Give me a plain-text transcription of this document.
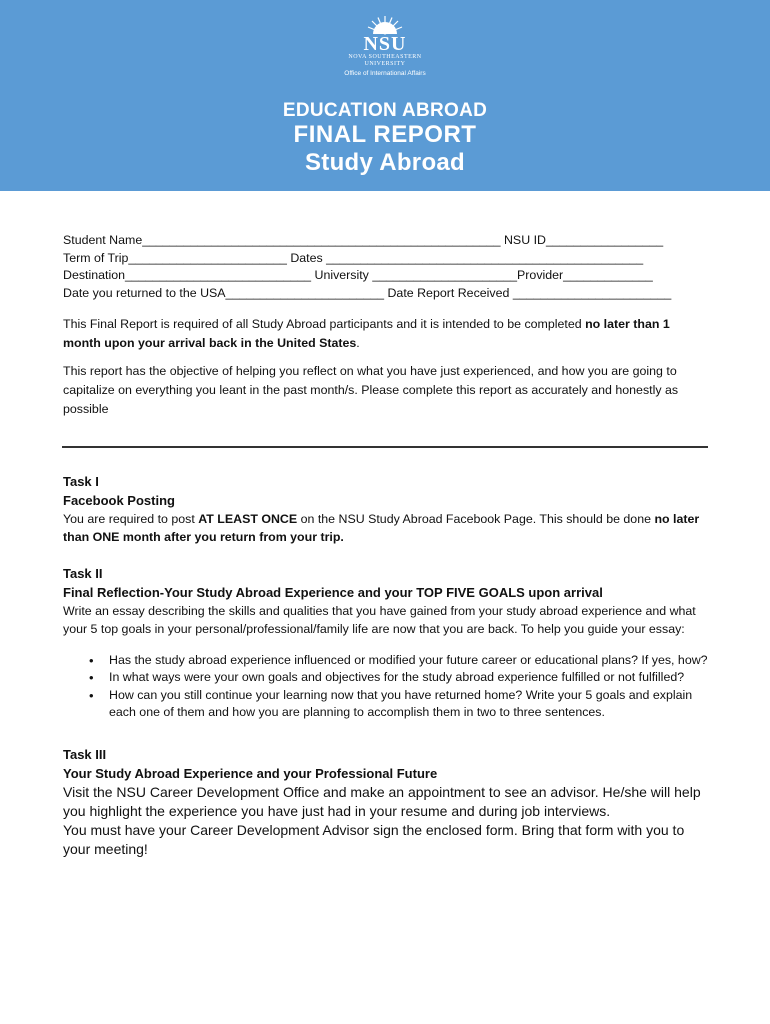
NSU
NOVA SOUTHEASTERN
UNIVERSITY
Office of International Affairs
EDUCATION ABROAD
FINAL REPORT
Study Abroad
Student Name____________________________________________________ NSU ID_________________
Term of Trip_______________________ Dates ______________________________________________
Destination___________________________ University _____________________Provider_____________
Date you returned to the USA_______________________ Date Report Received _______________________
This Final Report is required of all Study Abroad participants and it is intended to be completed no later than 1 month upon your arrival back in the United States.
This report has the objective of helping you reflect on what you have just experienced, and how you are going to capitalize on everything you leant in the past month/s. Please complete this report as accurately and honestly as possible
Task I
Facebook Posting
You are required to post AT LEAST ONCE on the NSU Study Abroad Facebook Page. This should be done no later than ONE month after you return from your trip.
Task II
Final Reflection-Your Study Abroad Experience and your TOP FIVE GOALS upon arrival
Write an essay describing the skills and qualities that you have gained from your study abroad experience and what your 5 top goals in your personal/professional/family life are now that you are back. To help you guide your essay:
• Has the study abroad experience influenced or modified your future career or educational plans? If yes, how?
• In what ways were your own goals and objectives for the study abroad experience fulfilled or not fulfilled?
• How can you still continue your learning now that you have returned home? Write your 5 goals and explain each one of them and how you are planning to accomplish them in two to three sentences.
Task III
Your Study Abroad Experience and your Professional Future
Visit the NSU Career Development Office and make an appointment to see an advisor. He/she will help you highlight the experience you have just had in your resume and during job interviews.
You must have your Career Development Advisor sign the enclosed form. Bring that form with you to your meeting!
